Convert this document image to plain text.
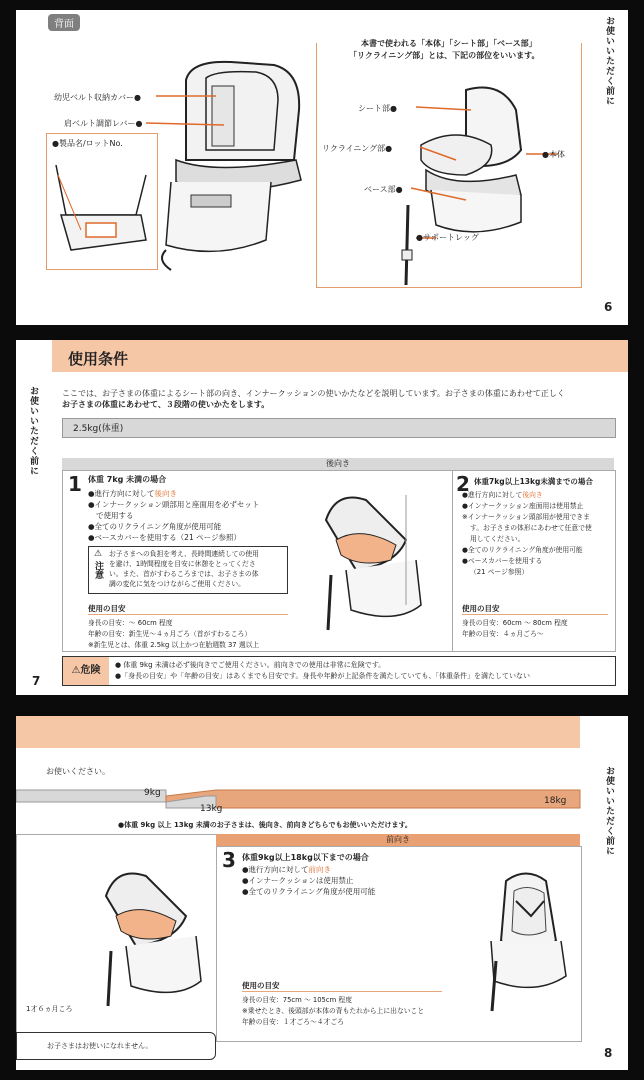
背面
幼児ベルト収納カバー●
肩ベルト調節レバー●
●製品名/ロットNo.
本書で使われる「本体」「シート部」「ベース部」
「リクライニング部」とは、下記の部位をいいます。
シート部●
リクライニング部●
ベース部●
●本体
●サポートレッグ
お使いいただく前に
6
使用条件
お使いいただく前に	ここでは、お子さまの体重によるシート部の向き、インナークッションの使いかたなどを説明しています。お子さまの体重にあわせて正しく
お子さまの体重にあわせて、３段階の使いかたをします。
2.5kg(体重)
後向き
1 体重 7kg 未満の場合
●進行方向に対して後向き
●インナークッション頭部用と座面用を必ずセット
で使用する
●全てのリクライニング角度が使用可能
●ベースカバーを使用する（21 ページ参照）
⚠
注意
お子さまへの負担を考え、長時間連続しての使用
を避け、1時間程度を目安に休憩をとってくださ
い。また、首がすわるころまでは、お子さまの体
調の変化に気をつけながらご使用ください。
使用の目安
身長の目安：～ 60cm 程度
年齢の目安：新生児～４ヵ月ごろ（首がすわるころ）
※新生児とは、体重 2.5kg 以上かつ在胎週数 37 週以上
2 体重7kg以上13kg未満までの場合
●進行方向に対して後向き
●インナークッション座面用は使用禁止
※インナークッション頭部用が使用できま
す。お子さまの体形にあわせて任意で使
用してください。
●全てのリクライニング角度が使用可能
●ベースカバーを使用する
（21 ページ参照）
使用の目安
身長の目安：60cm ～ 80cm 程度
年齢の目安：４ヵ月ごろ～
⚠危険	● 体重 9kg 未満は必ず後向きでご使用ください。前向きでの使用は非常に危険です。
●「身長の目安」や「年齢の目安」はあくまでも目安です。身長や年齢が上記条件を満たしていても、「体重条件」を満たしていない
7
お使いください。
9kg
13kg
18kg
●体重 9kg 以上 13kg 未満のお子さまは、後向き、前向きどちらでもお使いいただけます。
前向き
1才６ヵ月ころ
3 体重9kg以上18kg以下までの場合
●進行方向に対して前向き
●インナークッションは使用禁止
●全てのリクライニング角度が使用可能
使用の目安
身長の目安：75cm ～ 105cm 程度
※乗せたとき、後頭部が本体の背もたれから上に出ないこと
年齢の目安：１才ごろ～４才ごろ
お子さまはお使いになれません。
お使いいただく前に
8
